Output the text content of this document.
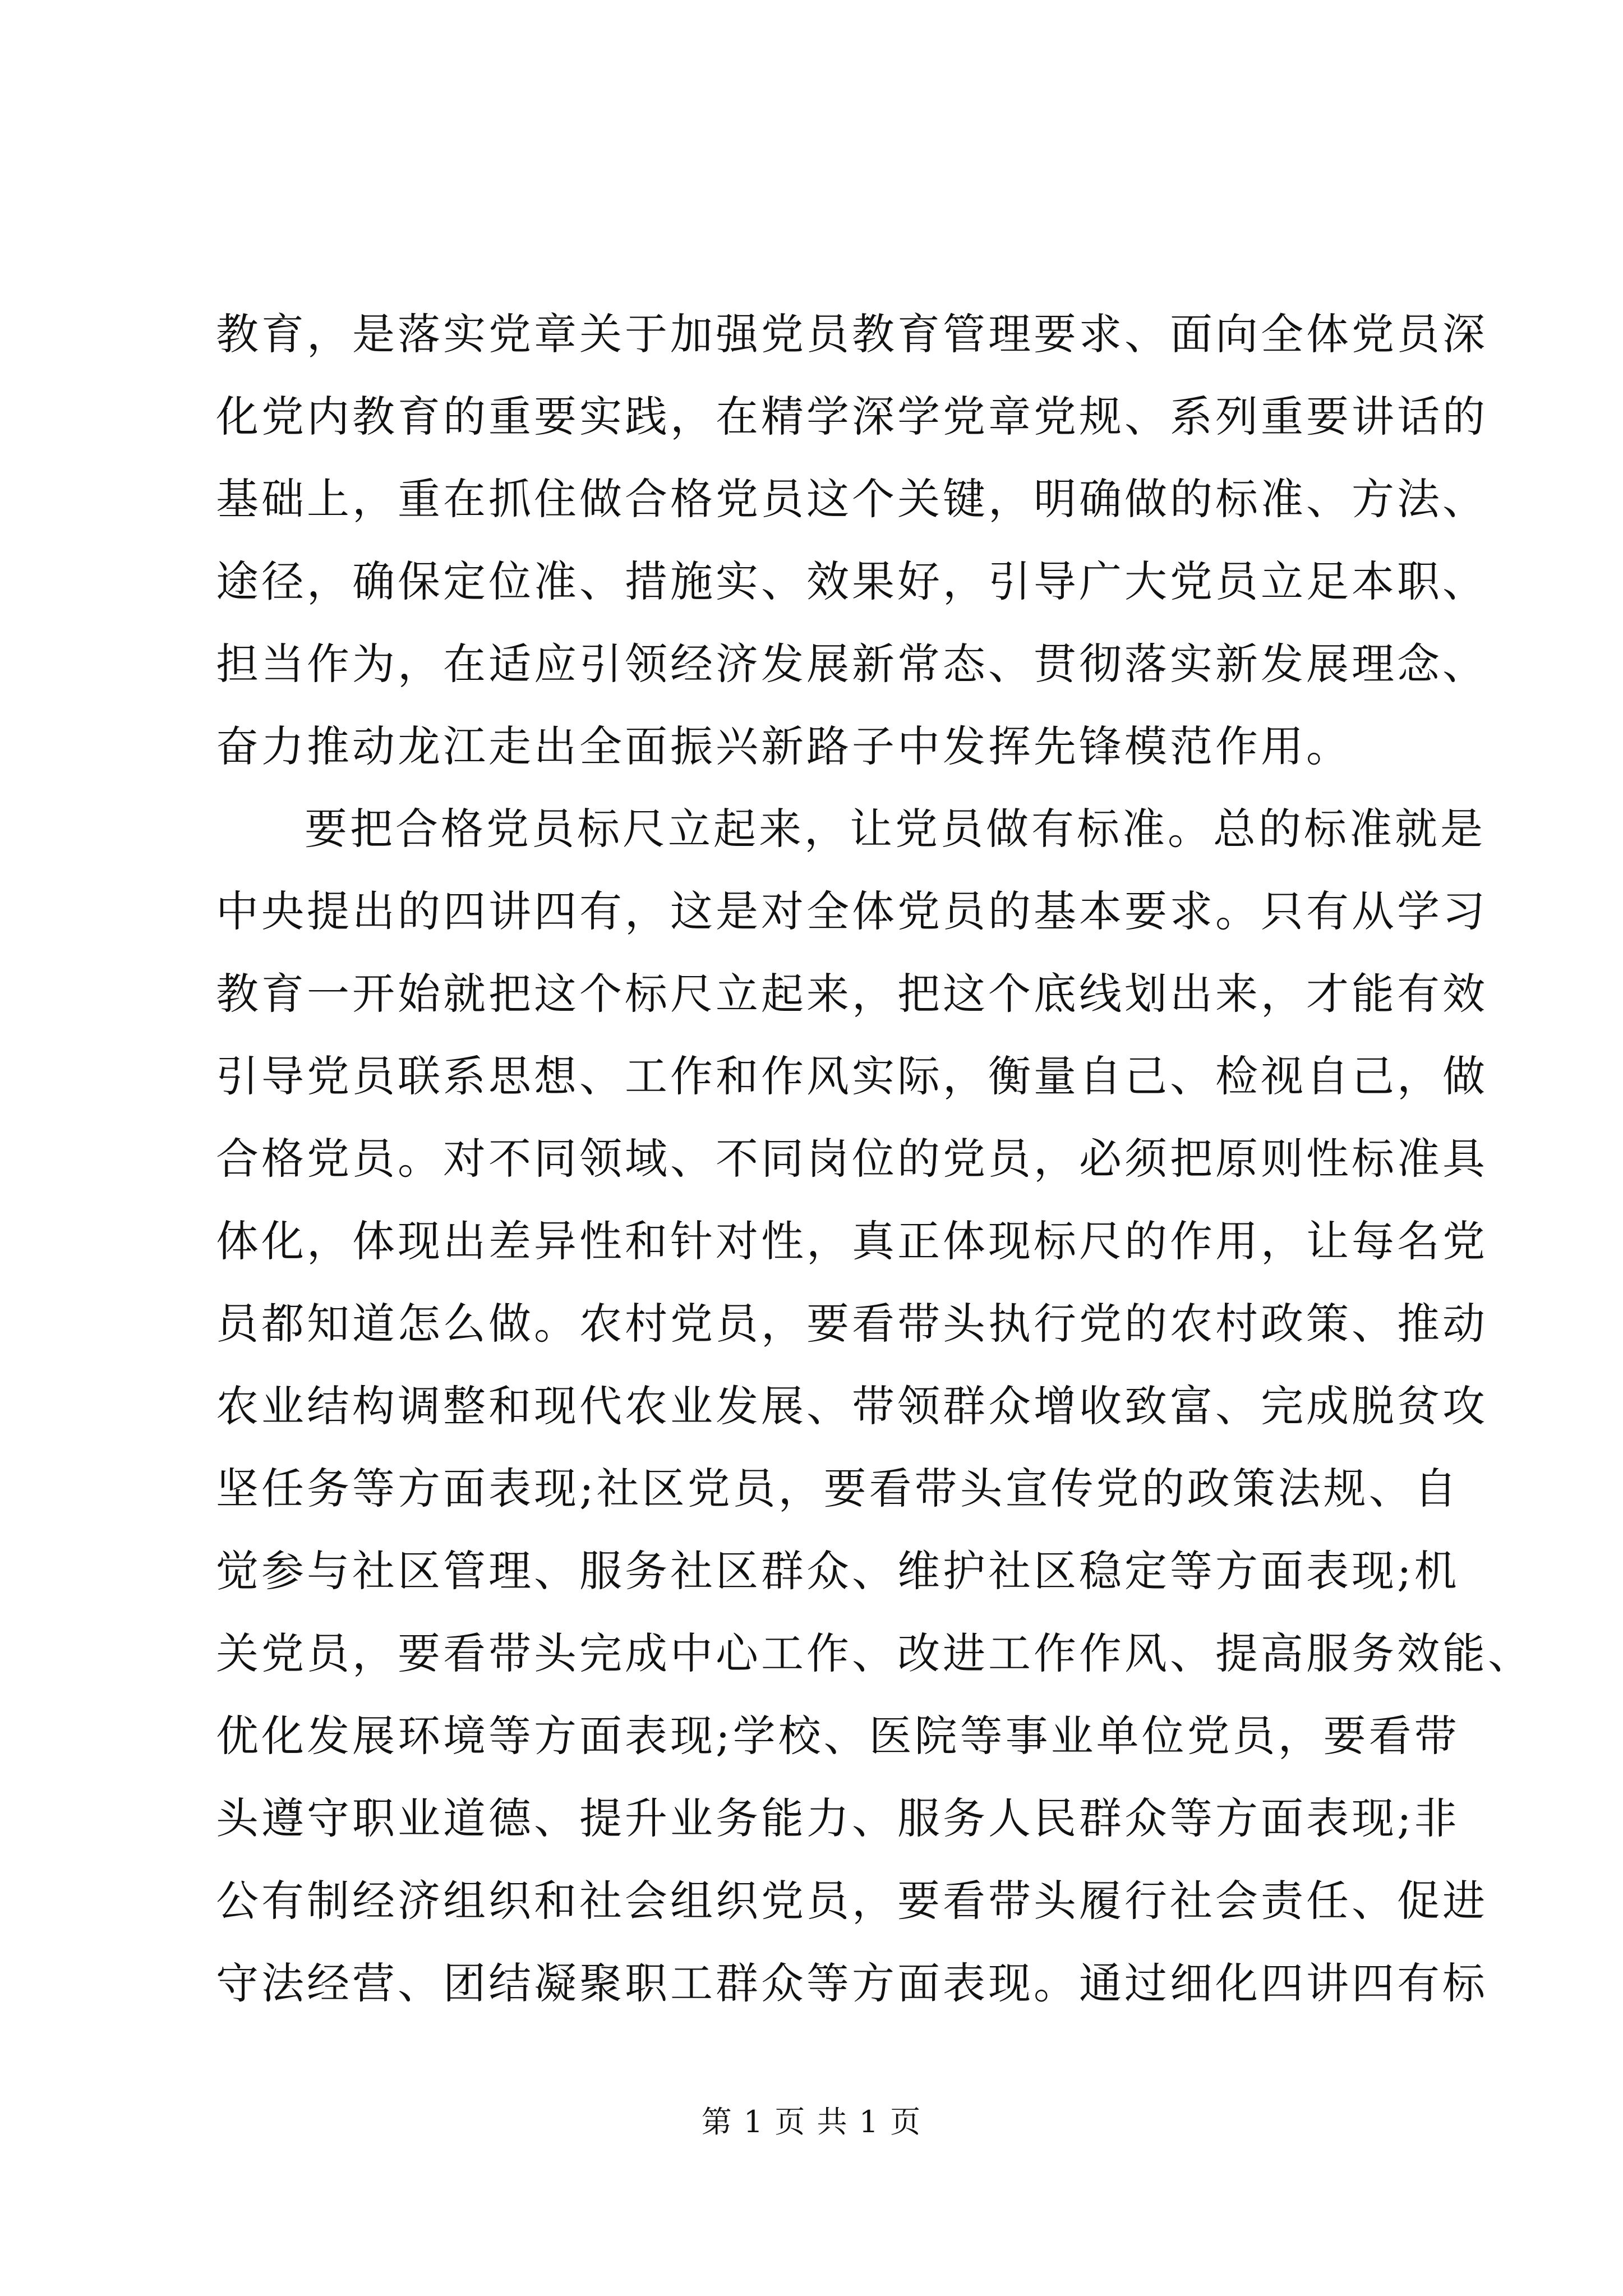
教育，是落实党章关于加强党员教育管理要求、面向全体党员深
化党内教育的重要实践，在精学深学党章党规、系列重要讲话的
基础上，重在抓住做合格党员这个关键，明确做的标准、方法、
途径，确保定位准、措施实、效果好，引导广大党员立足本职、
担当作为，在适应引领经济发展新常态、贯彻落实新发展理念、
奋力推动龙江走出全面振兴新路子中发挥先锋模范作用。
要把合格党员标尺立起来，让党员做有标准。总的标准就是
中央提出的四讲四有，这是对全体党员的基本要求。只有从学习
教育一开始就把这个标尺立起来，把这个底线划出来，才能有效
引导党员联系思想、工作和作风实际，衡量自己、检视自己，做
合格党员。对不同领域、不同岗位的党员，必须把原则性标准具
体化，体现出差异性和针对性，真正体现标尺的作用，让每名党
员都知道怎么做。农村党员，要看带头执行党的农村政策、推动
农业结构调整和现代农业发展、带领群众增收致富、完成脱贫攻
坚任务等方面表现;社区党员，要看带头宣传党的政策法规、自
觉参与社区管理、服务社区群众、维护社区稳定等方面表现;机
关党员，要看带头完成中心工作、改进工作作风、提高服务效能、
优化发展环境等方面表现;学校、医院等事业单位党员，要看带
头遵守职业道德、提升业务能力、服务人民群众等方面表现;非
公有制经济组织和社会组织党员，要看带头履行社会责任、促进
守法经营、团结凝聚职工群众等方面表现。通过细化四讲四有标
第 1 页 共 1 页
